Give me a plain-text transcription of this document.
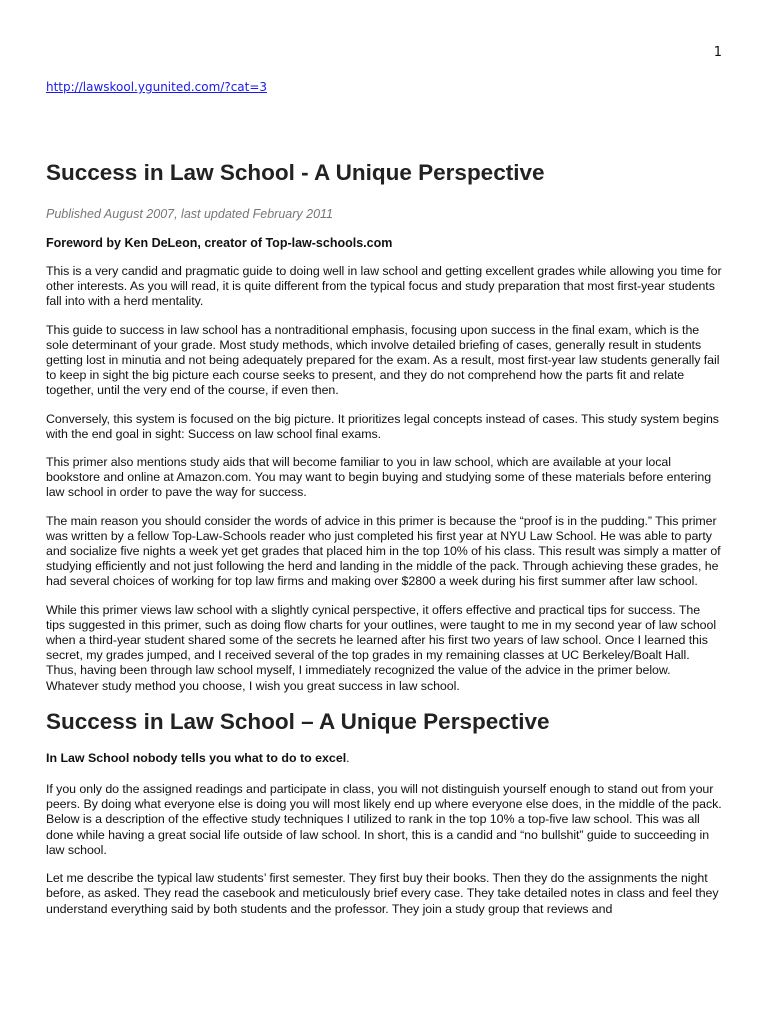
1
http://lawskool.ygunited.com/?cat=3
Success in Law School - A Unique Perspective
Published August 2007, last updated February 2011
Foreword by Ken DeLeon, creator of Top-law-schools.com

This is a very candid and pragmatic guide to doing well in law school and getting excellent grades while allowing you time for other interests. As you will read, it is quite different from the typical focus and study preparation that most first-year students fall into with a herd mentality.

This guide to success in law school has a nontraditional emphasis, focusing upon success in the final exam, which is the sole determinant of your grade. Most study methods, which involve detailed briefing of cases, generally result in students getting lost in minutia and not being adequately prepared for the exam. As a result, most first-year law students generally fail to keep in sight the big picture each course seeks to present, and they do not comprehend how the parts fit and relate together, until the very end of the course, if even then.

Conversely, this system is focused on the big picture. It prioritizes legal concepts instead of cases. This study system begins with the end goal in sight: Success on law school final exams.

This primer also mentions study aids that will become familiar to you in law school, which are available at your local bookstore and online at Amazon.com. You may want to begin buying and studying some of these materials before entering law school in order to pave the way for success.

The main reason you should consider the words of advice in this primer is because the “proof is in the pudding.” This primer was written by a fellow Top-Law-Schools reader who just completed his first year at NYU Law School. He was able to party and socialize five nights a week yet get grades that placed him in the top 10% of his class. This result was simply a matter of studying efficiently and not just following the herd and landing in the middle of the pack. Through achieving these grades, he had several choices of working for top law firms and making over $2800 a week during his first summer after law school.

While this primer views law school with a slightly cynical perspective, it offers effective and practical tips for success. The tips suggested in this primer, such as doing flow charts for your outlines, were taught to me in my second year of law school when a third-year student shared some of the secrets he learned after his first two years of law school. Once I learned this secret, my grades jumped, and I received several of the top grades in my remaining classes at UC Berkeley/Boalt Hall. Thus, having been through law school myself, I immediately recognized the value of the advice in the primer below. Whatever study method you choose, I wish you great success in law school.

Success in Law School – A Unique Perspective
In Law School nobody tells you what to do to excel.

If you only do the assigned readings and participate in class, you will not distinguish yourself enough to stand out from your peers. By doing what everyone else is doing you will most likely end up where everyone else does, in the middle of the pack. Below is a description of the effective study techniques I utilized to rank in the top 10% a top-five law school. This was all done while having a great social life outside of law school. In short, this is a candid and “no bullshit” guide to succeeding in law school.

Let me describe the typical law students’ first semester. They first buy their books. Then they do the assignments the night before, as asked. They read the casebook and meticulously brief every case. They take detailed notes in class and feel they understand everything said by both students and the professor. They join a study group that reviews and
